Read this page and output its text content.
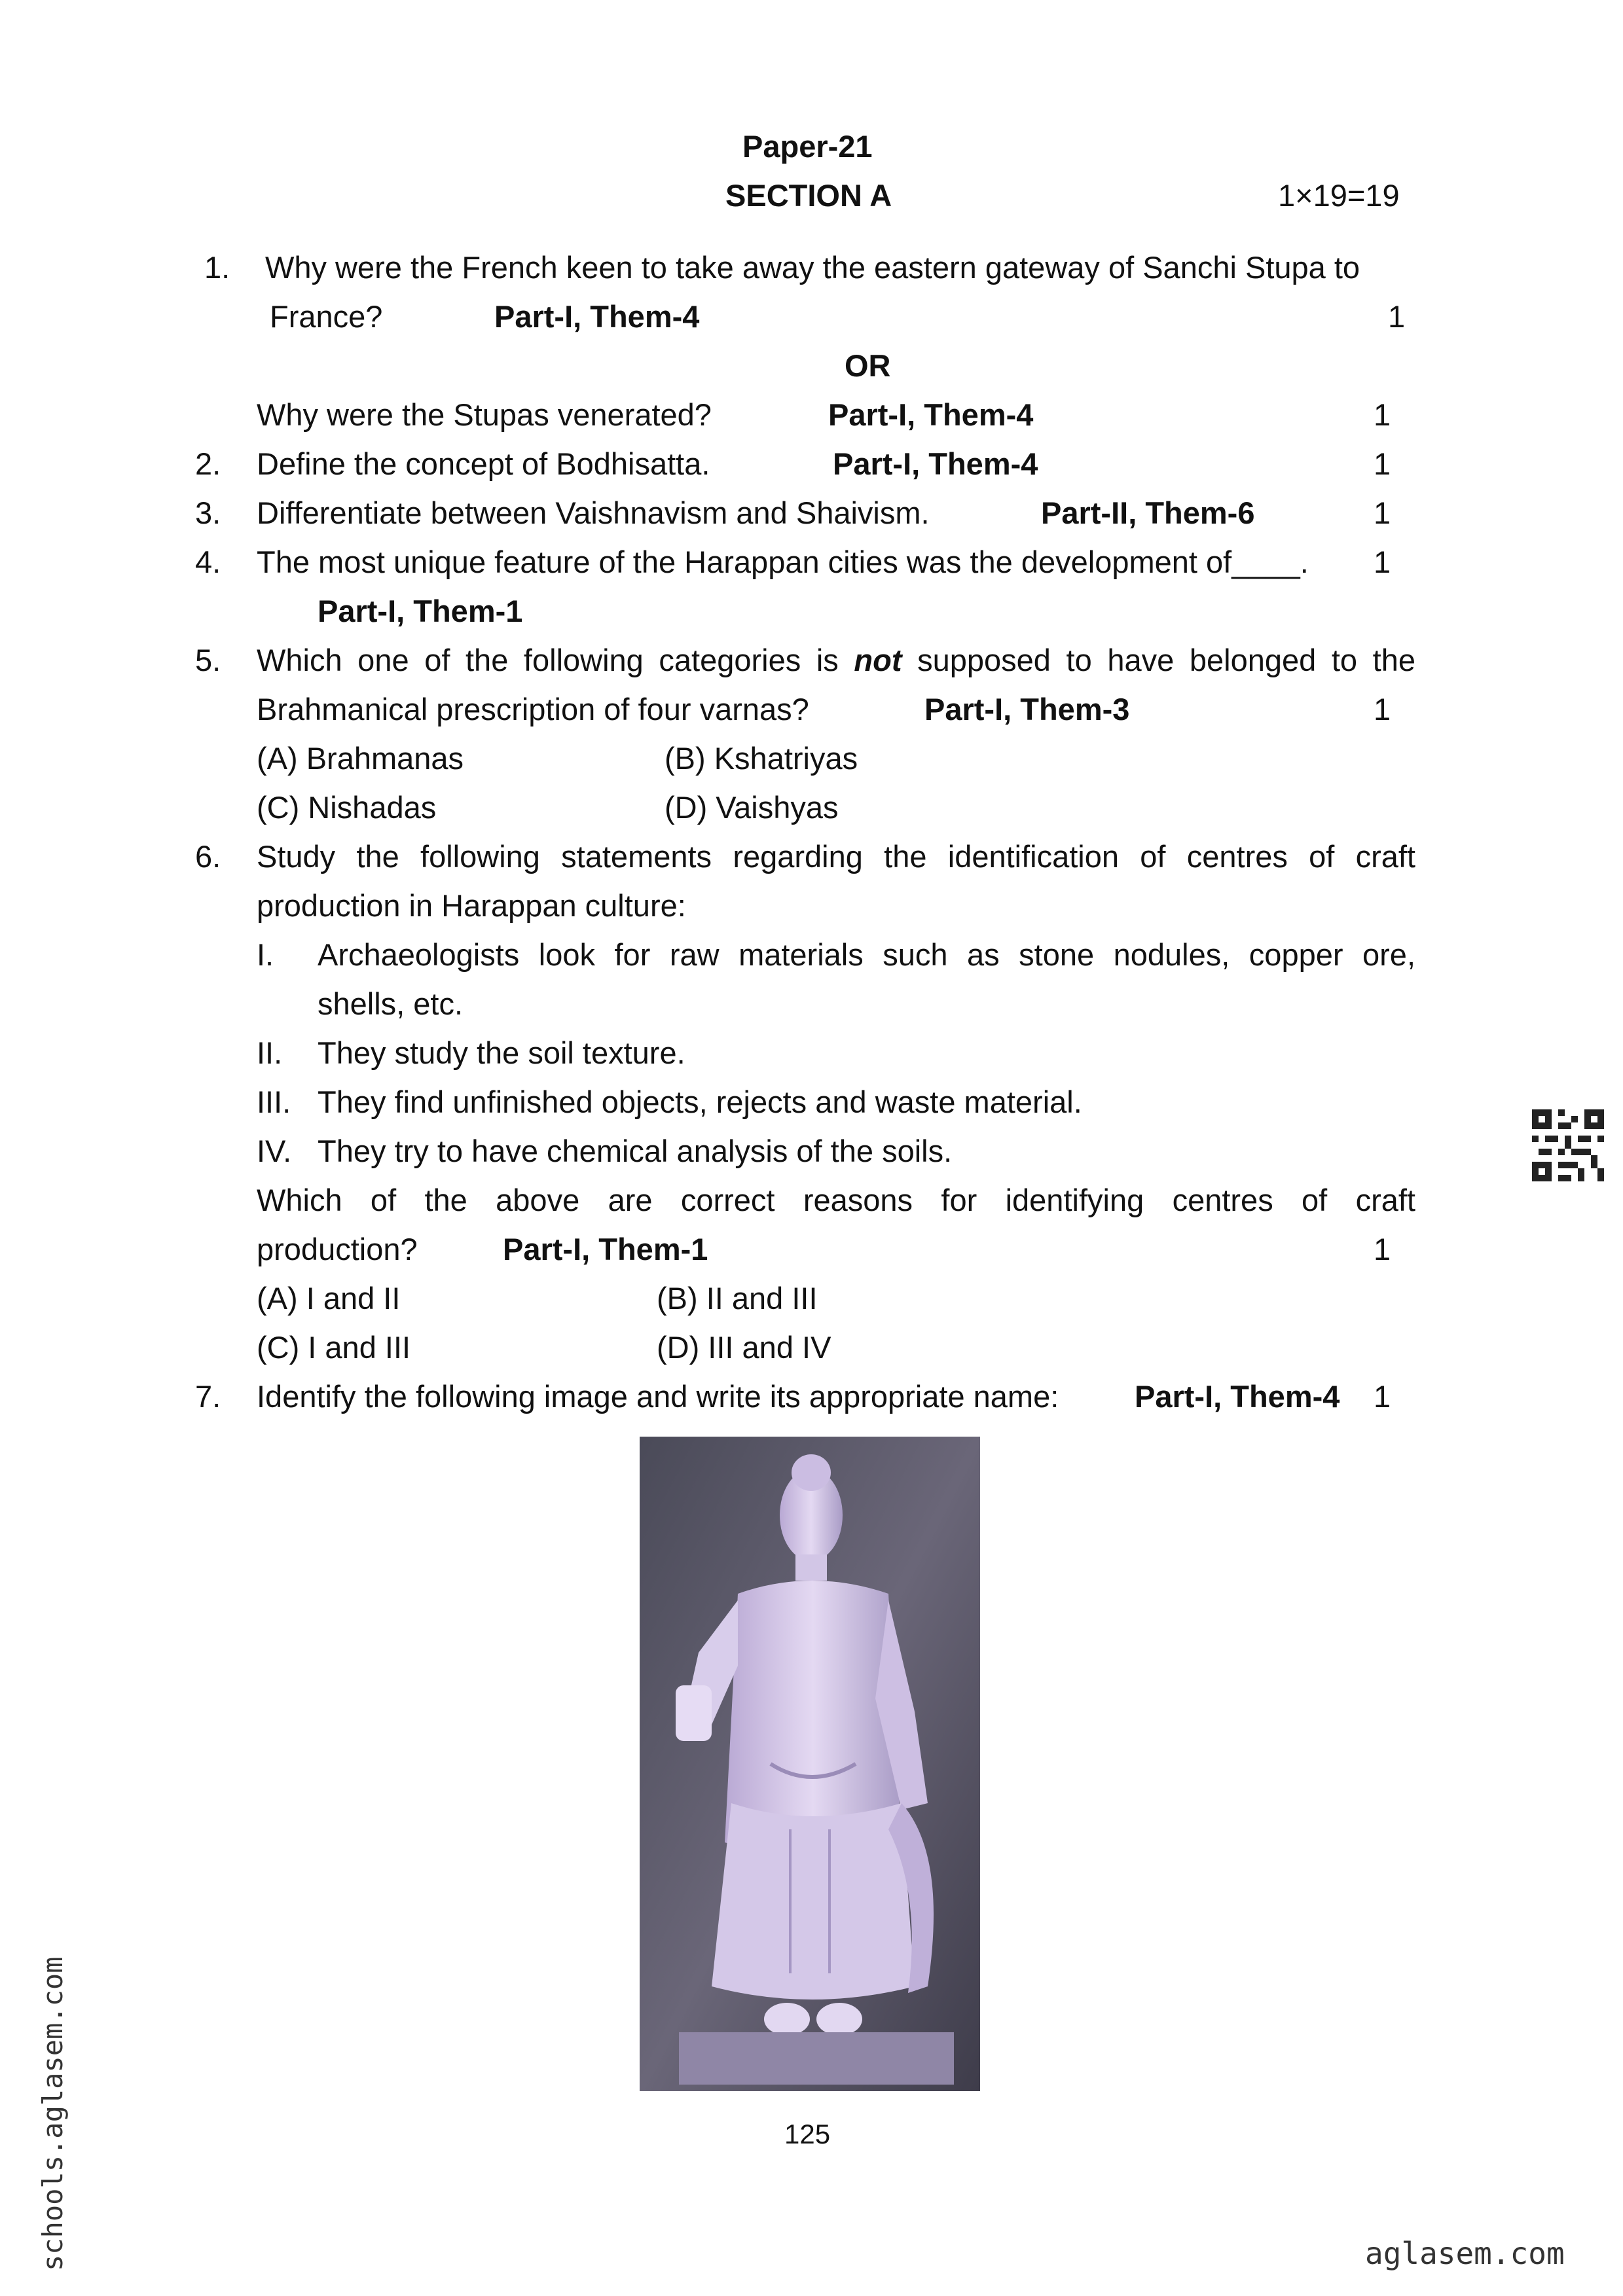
Paper-21
SECTION A	1×19=19
1. Why were the French keen to take away the eastern gateway of Sanchi Stupa to
France?	Part-I, Them-4	1
OR
Why were the Stupas venerated?	Part-I, Them-4	1
2. Define the concept of Bodhisatta.	Part-I, Them-4	1
3. Differentiate between Vaishnavism and Shaivism.	Part-II, Them-6	1
4. The most unique feature of the Harappan cities was the development of____. 1
Part-I, Them-1
5. Which one of the following categories is not supposed to have belonged to the
Brahmanical prescription of four varnas?	Part-I, Them-3	1
(A) Brahmanas	(B) Kshatriyas
(C) Nishadas	(D) Vaishyas
6. Study the following statements regarding the identification of centres of craft
production in Harappan culture:
I. Archaeologists look for raw materials such as stone nodules, copper ore,
shells, etc.
II. They study the soil texture.
III. They find unfinished objects, rejects and waste material.
IV. They try to have chemical analysis of the soils.
Which of the above are correct reasons for identifying centres of craft
production?	Part-I, Them-1	1
(A) I and II	(B) II and III
(C) I and III	(D) III and IV
7. Identify the following image and write its appropriate name: Part-I, Them-4 1
125
schools.aglasem.com	aglasem.com
